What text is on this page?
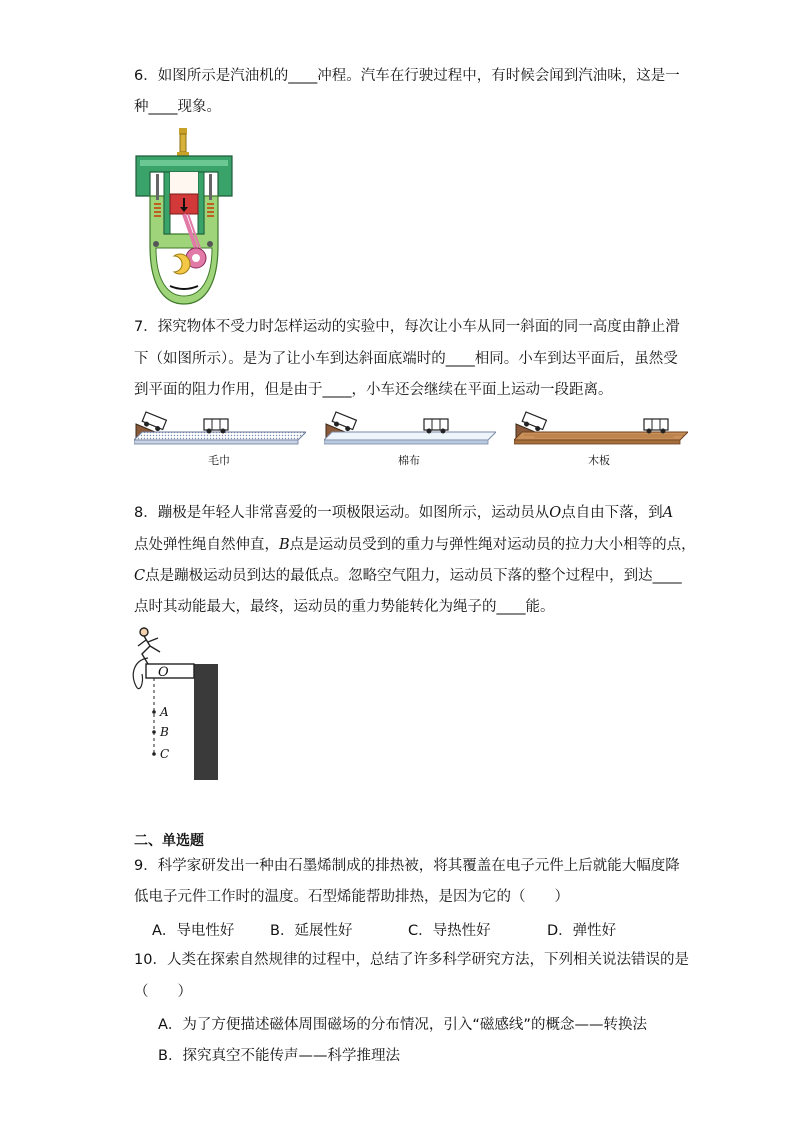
6．如图所示是汽油机的____冲程。汽车在行驶过程中，有时候会闻到汽油味，这是一
种____现象。
7．探究物体不受力时怎样运动的实验中，每次让小车从同一斜面的同一高度由静止滑
下（如图所示）。是为了让小车到达斜面底端时的____相同。小车到达平面后，虽然受
到平面的阻力作用，但是由于____，小车还会继续在平面上运动一段距离。
毛巾	棉布	木板
8．蹦极是年轻人非常喜爱的一项极限运动。如图所示，运动员从O点自由下落，到A
点处弹性绳自然伸直，B点是运动员受到的重力与弹性绳对运动员的拉力大小相等的点，
C点是蹦极运动员到达的最低点。忽略空气阻力，运动员下落的整个过程中，到达____
点时其动能最大，最终，运动员的重力势能转化为绳子的____能。
O
A
B
C
二、单选题
9．科学家研发出一种由石墨烯制成的排热被，将其覆盖在电子元件上后就能大幅度降
低电子元件工作时的温度。石型烯能帮助排热，是因为它的（　　）
A．导电性好 B．延展性好	C．导热性好	D．弹性好
10．人类在探索自然规律的过程中，总结了许多科学研究方法，下列相关说法错误的是
（　　）
A．为了方便描述磁体周围磁场的分布情况，引入“磁感线”的概念——转换法
B．探究真空不能传声——科学推理法
